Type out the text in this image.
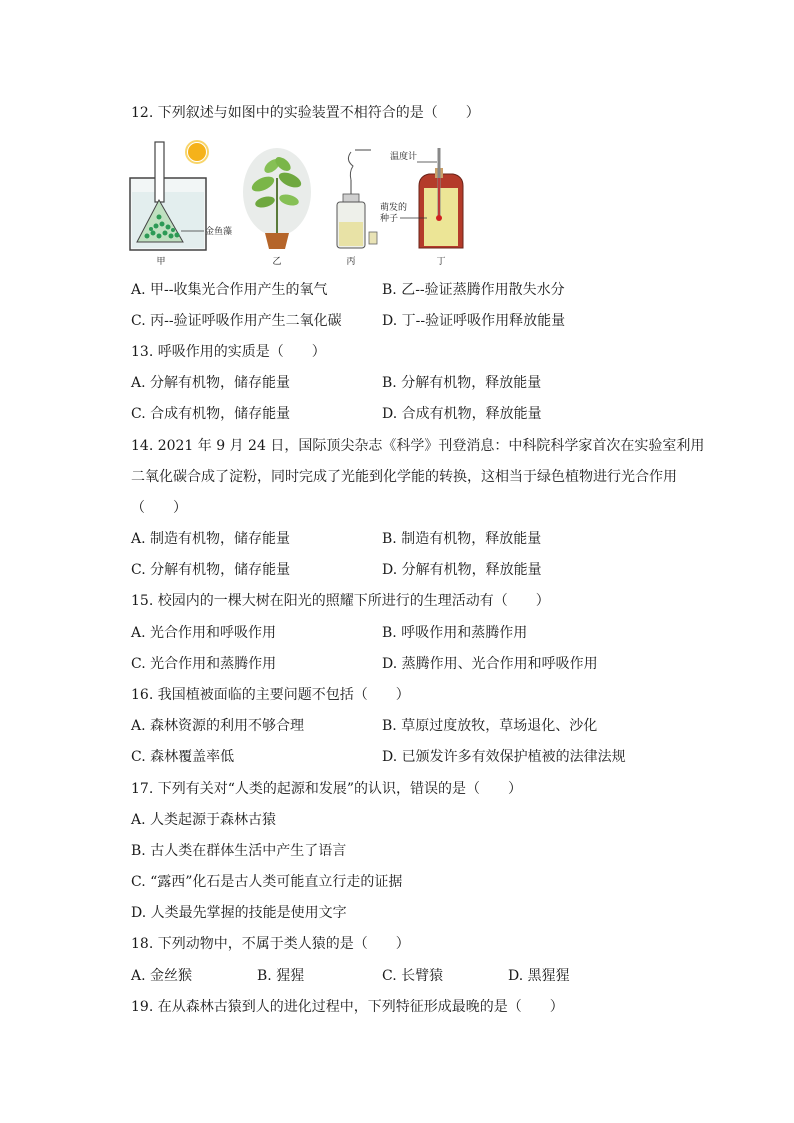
12. 下列叙述与如图中的实验装置不相符合的是（　　）
金鱼藻
甲	乙	丙
温度计
萌发的
种子
丁
A. 甲--收集光合作用产生的氧气	B. 乙--验证蒸腾作用散失水分
C. 丙--验证呼吸作用产生二氧化碳	D. 丁--验证呼吸作用释放能量
13. 呼吸作用的实质是（　　）
A. 分解有机物，储存能量	B. 分解有机物，释放能量
C. 合成有机物，储存能量	D. 合成有机物，释放能量
14. 2021 年 9 月 24 日，国际顶尖杂志《科学》刊登消息：中科院科学家首次在实验室利用
二氧化碳合成了淀粉，同时完成了光能到化学能的转换，这相当于绿色植物进行光合作用
（　　）
A. 制造有机物，储存能量	B. 制造有机物，释放能量
C. 分解有机物，储存能量	D. 分解有机物，释放能量
15. 校园内的一棵大树在阳光的照耀下所进行的生理活动有（　　）
A. 光合作用和呼吸作用	B. 呼吸作用和蒸腾作用
C. 光合作用和蒸腾作用	D. 蒸腾作用、光合作用和呼吸作用
16. 我国植被面临的主要问题不包括（　　）
A. 森林资源的利用不够合理	B. 草原过度放牧，草场退化、沙化
C. 森林覆盖率低	D. 已颁发许多有效保护植被的法律法规
17. 下列有关对“人类的起源和发展”的认识，错误的是（　　）
A. 人类起源于森林古猿
B. 古人类在群体生活中产生了语言
C. “露西”化石是古人类可能直立行走的证据
D. 人类最先掌握的技能是使用文字
18. 下列动物中，不属于类人猿的是（　　）
A. 金丝猴	B. 猩猩	C. 长臂猿	D. 黑猩猩
19. 在从森林古猿到人的进化过程中，下列特征形成最晚的是（　　）
